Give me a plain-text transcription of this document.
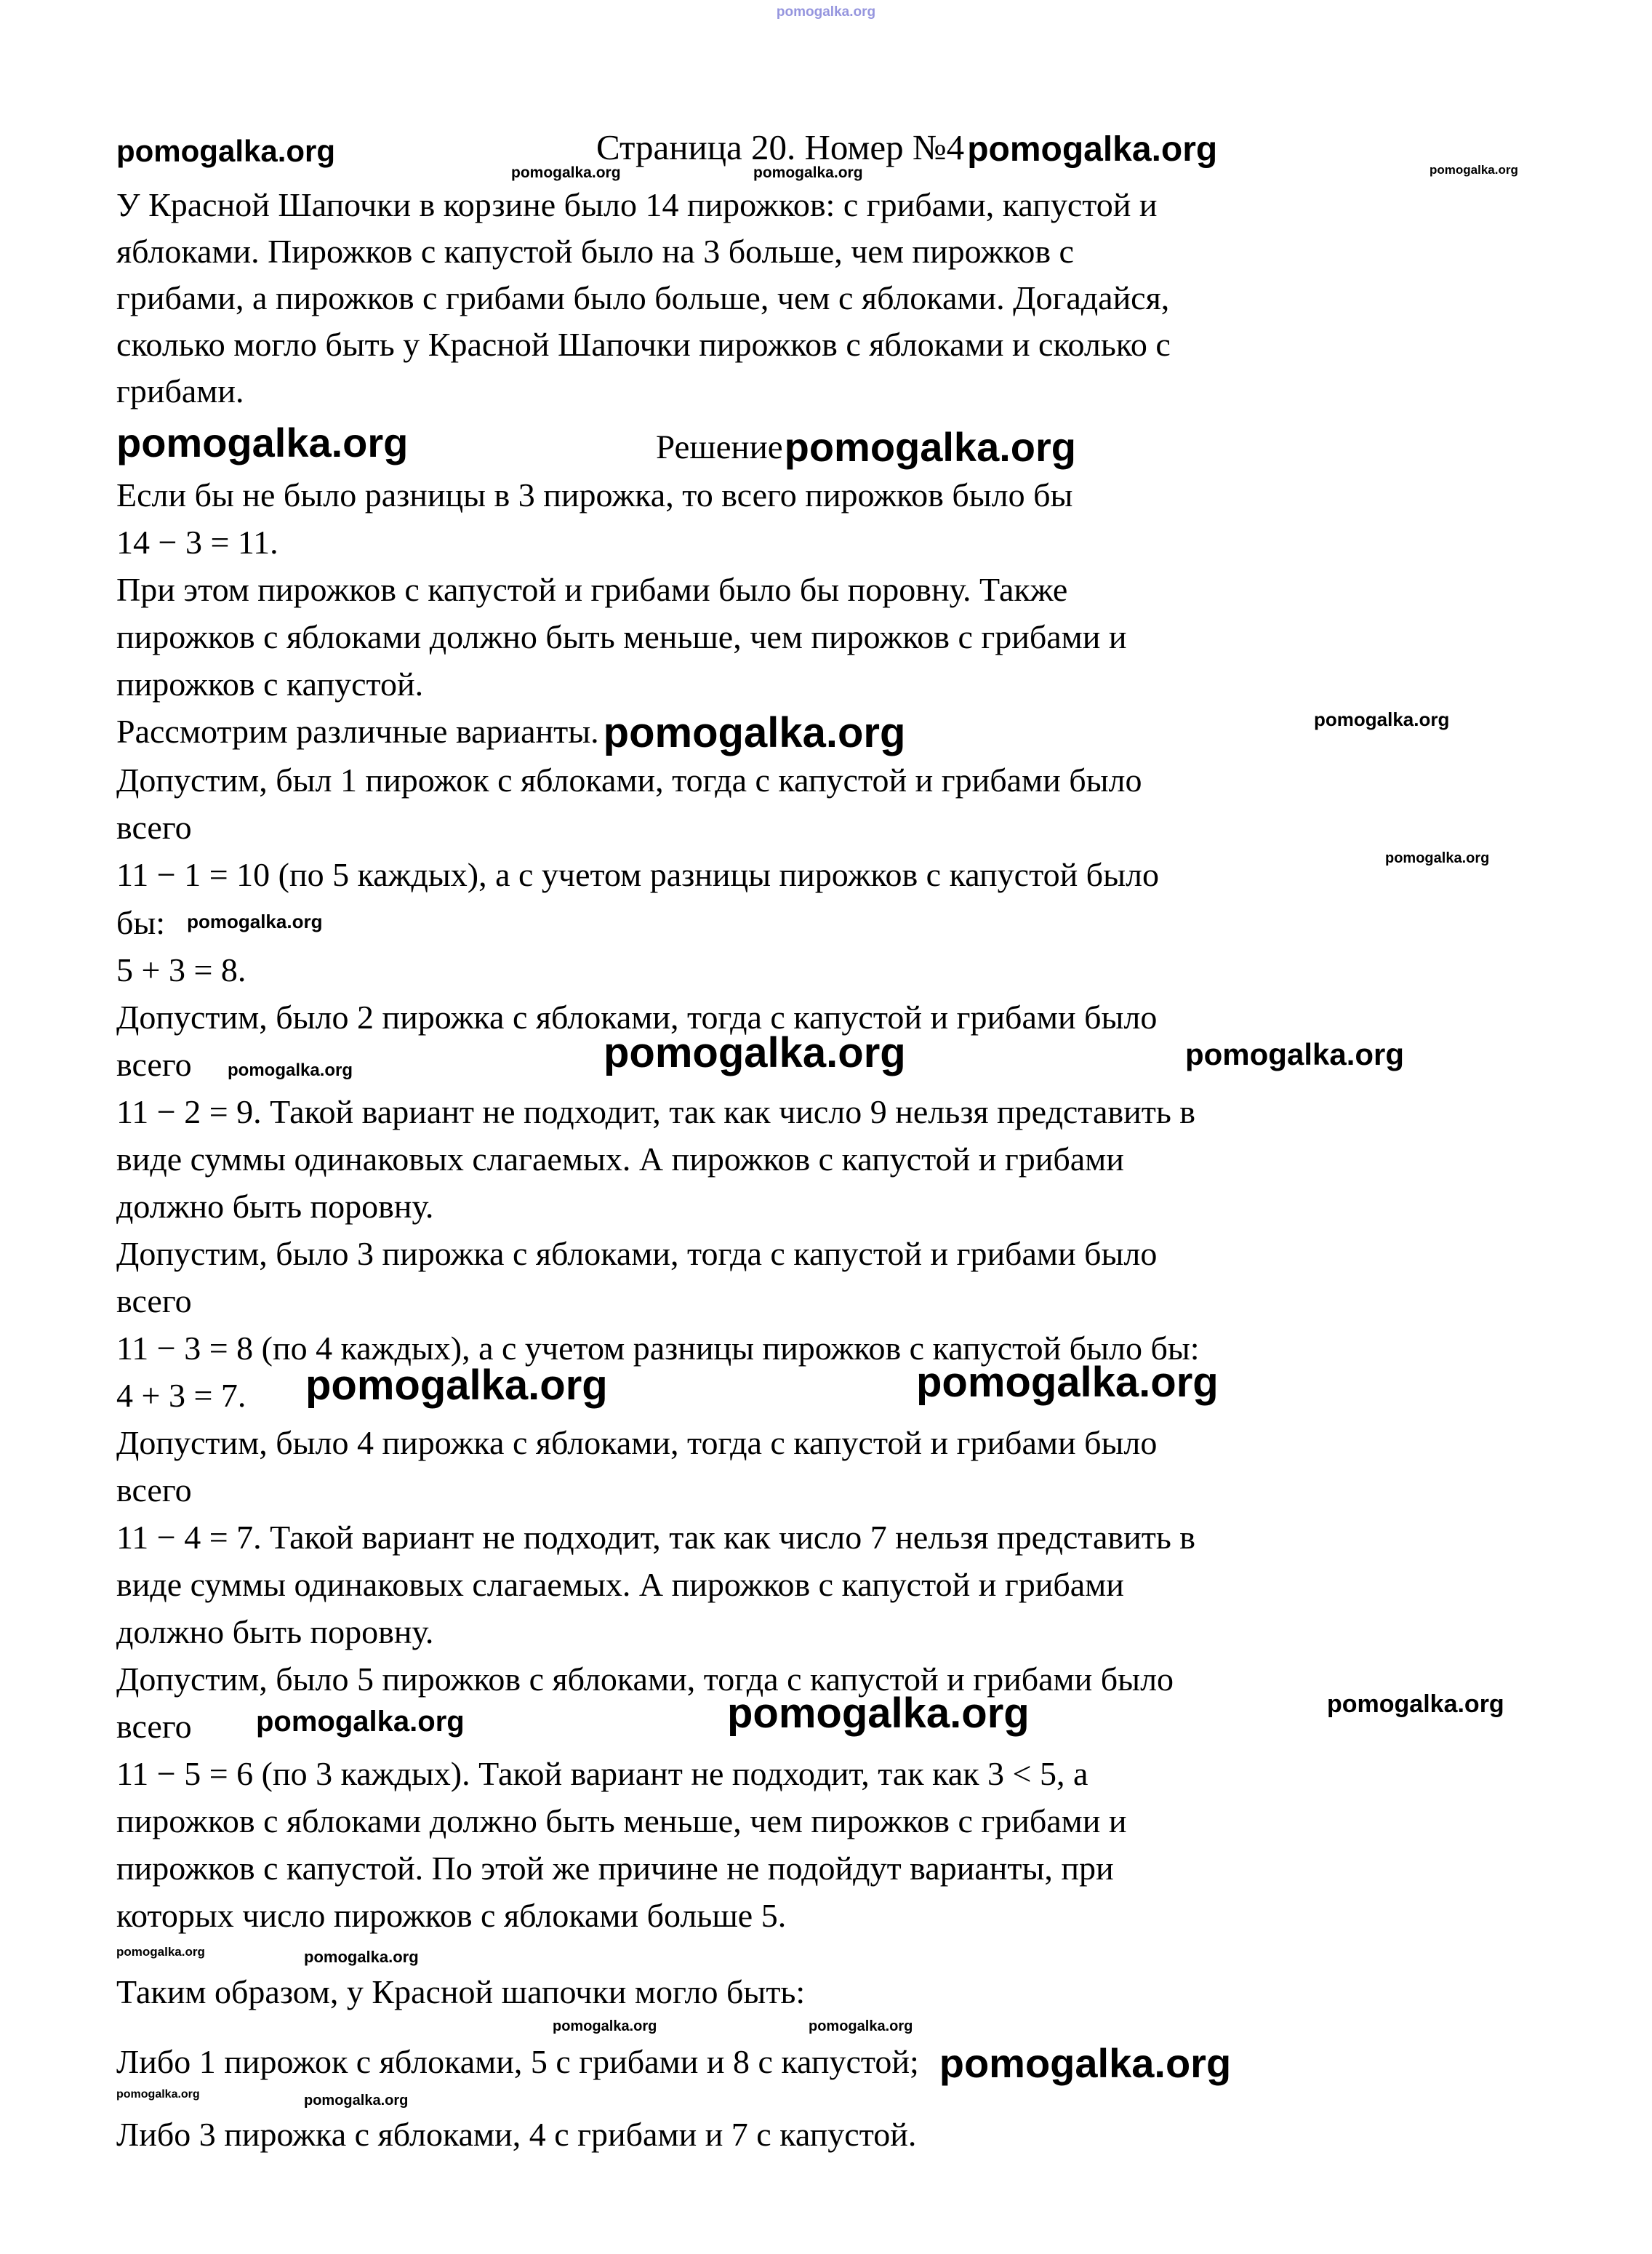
pomogalka.org
pomogalka.org	Страница 20. Номер №4pomogalka.org
pomogalka.org	pomogalka.org	pomogalka.org
У Красной Шапочки в корзине было 14 пирожков: с грибами, капустой и
яблоками. Пирожков с капустой было на 3 больше, чем пирожков с
грибами, а пирожков с грибами было больше, чем с яблоками. Догадайся,
сколько могло быть у Красной Шапочки пирожков с яблоками и сколько с
грибами.
pomogalka.org	Решениеpomogalka.org
Если бы не было разницы в 3 пирожка, то всего пирожков было бы
14 − 3 = 11.
При этом пирожков с капустой и грибами было бы поровну. Также
пирожков с яблоками должно быть меньше, чем пирожков с грибами и
пирожков с капустой.
Рассмотрим различные варианты. pomogalka.org	pomogalka.org
Допустим, был 1 пирожок с яблоками, тогда с капустой и грибами было
всего
11 − 1 = 10 (по 5 каждых), а с учетом разницы пирожков с капустой было	pomogalka.org
бы: pomogalka.org
5 + 3 = 8.
Допустим, было 2 пирожка с яблоками, тогда с капустой и грибами было
всего pomogalka.org	pomogalka.org	pomogalka.org
11 − 2 = 9. Такой вариант не подходит, так как число 9 нельзя представить в
виде суммы одинаковых слагаемых. А пирожков с капустой и грибами
должно быть поровну.
Допустим, было 3 пирожка с яблоками, тогда с капустой и грибами было
всего
11 − 3 = 8 (по 4 каждых), а с учетом разницы пирожков с капустой было бы:
4 + 3 = 7. pomogalka.org	pomogalka.org
Допустим, было 4 пирожка с яблоками, тогда с капустой и грибами было
всего
11 − 4 = 7. Такой вариант не подходит, так как число 7 нельзя представить в
виде суммы одинаковых слагаемых. А пирожков с капустой и грибами
должно быть поровну.
Допустим, было 5 пирожков с яблоками, тогда с капустой и грибами было
всего pomogalka.org	pomogalka.org	pomogalka.org
11 − 5 = 6 (по 3 каждых). Такой вариант не подходит, так как 3 < 5, а
пирожков с яблоками должно быть меньше, чем пирожков с грибами и
пирожков с капустой. По этой же причине не подойдут варианты, при
которых число пирожков с яблоками больше 5.
pomogalka.org	pomogalka.org
Таким образом, у Красной шапочки могло быть:
pomogalka.org	pomogalka.org
Либо 1 пирожок с яблоками, 5 с грибами и 8 с капустой; pomogalka.org
pomogalka.org	pomogalka.org
Либо 3 пирожка с яблоками, 4 с грибами и 7 с капустой.
